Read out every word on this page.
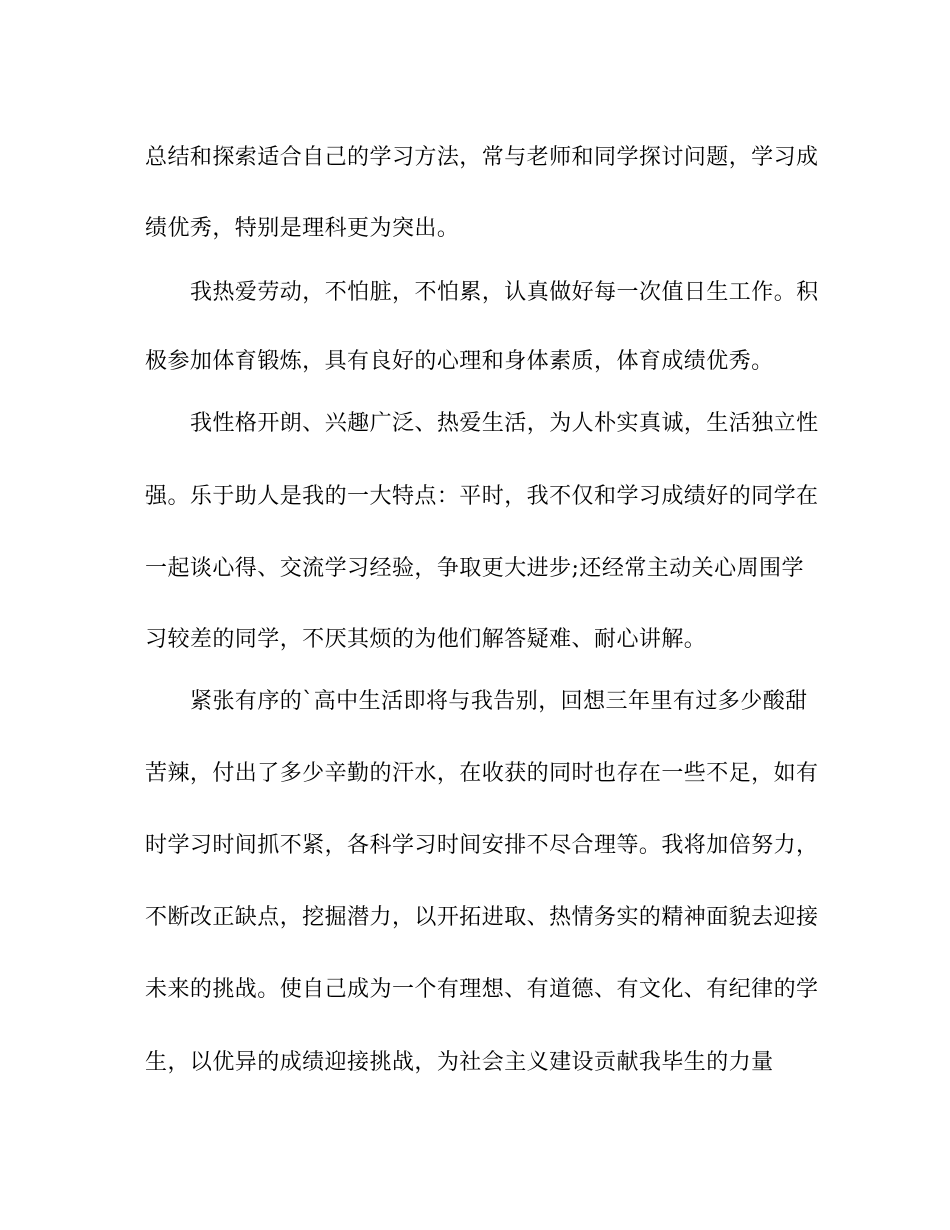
总结和探索适合自己的学习方法，常与老师和同学探讨问题，学习成
绩优秀，特别是理科更为突出。
我热爱劳动，不怕脏，不怕累，认真做好每一次值日生工作。积
极参加体育锻炼，具有良好的心理和身体素质，体育成绩优秀。
我性格开朗、兴趣广泛、热爱生活，为人朴实真诚，生活独立性
强。乐于助人是我的一大特点：平时，我不仅和学习成绩好的同学在
一起谈心得、交流学习经验，争取更大进步;还经常主动关心周围学
习较差的同学，不厌其烦的为他们解答疑难、耐心讲解。
紧张有序的`高中生活即将与我告别，回想三年里有过多少酸甜
苦辣，付出了多少辛勤的汗水，在收获的同时也存在一些不足，如有
时学习时间抓不紧，各科学习时间安排不尽合理等。我将加倍努力，
不断改正缺点，挖掘潜力，以开拓进取、热情务实的精神面貌去迎接
未来的挑战。使自己成为一个有理想、有道德、有文化、有纪律的学
生，以优异的成绩迎接挑战，为社会主义建设贡献我毕生的力量
